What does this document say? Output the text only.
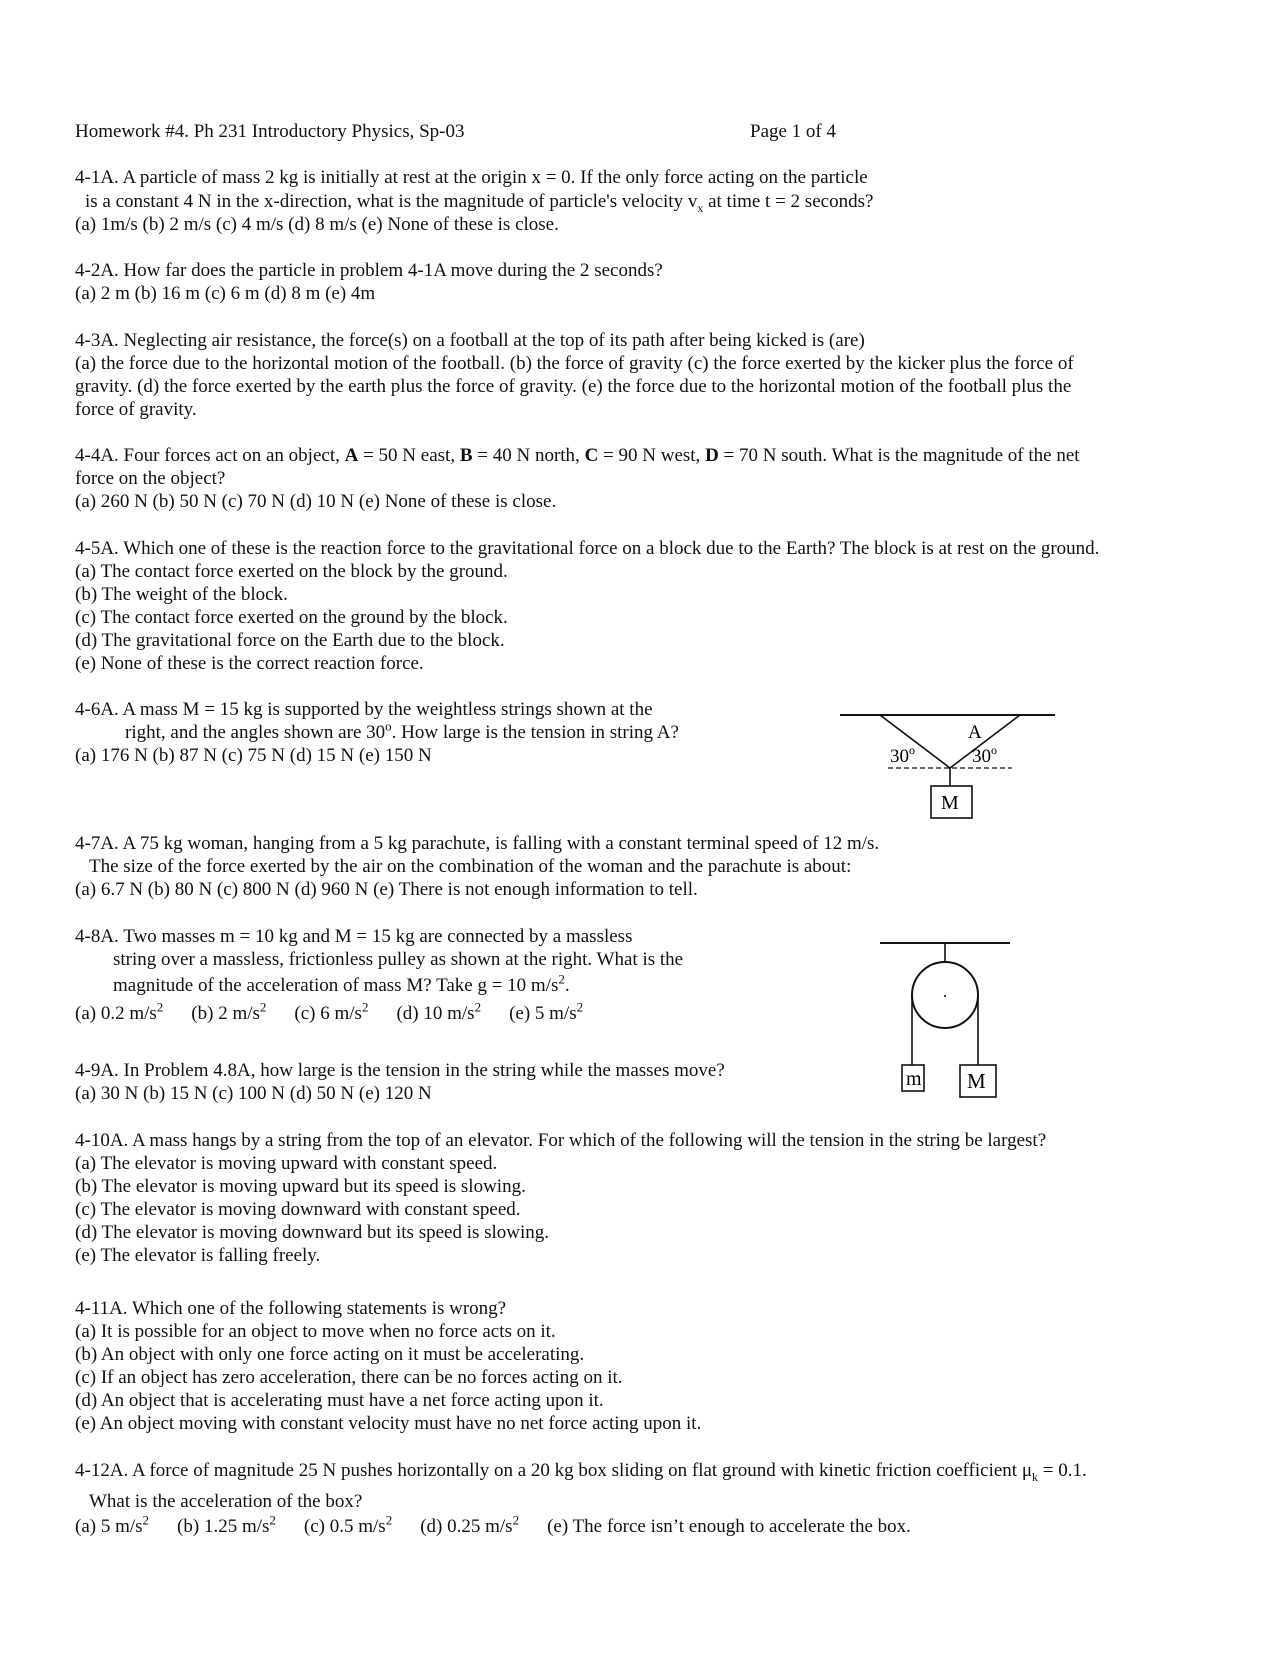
Homework #4. Ph 231 Introductory Physics, Sp-03	Page 1 of 4
4-1A. A particle of mass 2 kg is initially at rest at the origin x = 0. If the only force acting on the particle
is a constant 4 N in the x-direction, what is the magnitude of particle's velocity $v_x$ at time t = 2 seconds?
(a) 1m/s (b) 2 m/s (c) 4 m/s (d) 8 m/s (e) None of these is close.
4-2A. How far does the particle in problem 4-1A move during the 2 seconds?
(a) 2 m (b) 16 m (c) 6 m (d) 8 m (e) 4m
4-3A. Neglecting air resistance, the force(s) on a football at the top of its path after being kicked is (are)
(a) the force due to the horizontal motion of the football. (b) the force of gravity (c) the force exerted by the kicker plus the force of
gravity. (d) the force exerted by the earth plus the force of gravity. (e) the force due to the horizontal motion of the football plus the
force of gravity.
4-4A. Four forces act on an object, A = 50 N east, B = 40 N north, C = 90 N west, D = 70 N south. What is the magnitude of the net
force on the object?
(a) 260 N (b) 50 N (c) 70 N (d) 10 N (e) None of these is close.
4-5A. Which one of these is the reaction force to the gravitational force on a block due to the Earth? The block is at rest on the ground.
(a) The contact force exerted on the block by the ground.
(b) The weight of the block.
(c) The contact force exerted on the ground by the block.
(d) The gravitational force on the Earth due to the block.
(e) None of these is the correct reaction force.
4-6A. A mass M = 15 kg is supported by the weightless strings shown at the
right, and the angles shown are 30$^o$. How large is the tension in string A?
(a) 176 N (b) 87 N (c) 75 N (d) 15 N (e) 150 N	30$^o$	30$^o$
A
M
4-7A. A 75 kg woman, hanging from a 5 kg parachute, is falling with a constant terminal speed of 12 m/s.
The size of the force exerted by the air on the combination of the woman and the parachute is about:
(a) 6.7 N (b) 80 N (c) 800 N (d) 960 N (e) There is not enough information to tell.
4-8A. Two masses m = 10 kg and M = 15 kg are connected by a massless
string over a massless, frictionless pulley as shown at the right. What is the
magnitude of the acceleration of mass M? Take g = 10 $m/s^2$.
(a) 0.2 $m/s^2$ (b) 2 $m/s^2$ (c) 6 $m/s^2$ (d) 10 $m/s^2$ (e) 5 $m/s^2$
m M
4-9A. In Problem 4.8A, how large is the tension in the string while the masses move?
(a) 30 N (b) 15 N (c) 100 N (d) 50 N (e) 120 N
4-10A. A mass hangs by a string from the top of an elevator. For which of the following will the tension in the string be largest?
(a) The elevator is moving upward with constant speed.
(b) The elevator is moving upward but its speed is slowing.
(c) The elevator is moving downward with constant speed.
(d) The elevator is moving downward but its speed is slowing.
(e) The elevator is falling freely.
4-11A. Which one of the following statements is wrong?
(a) It is possible for an object to move when no force acts on it.
(b) An object with only one force acting on it must be accelerating.
(c) If an object has zero acceleration, there can be no forces acting on it.
(d) An object that is accelerating must have a net force acting upon it.
(e) An object moving with constant velocity must have no net force acting upon it.
4-12A. A force of magnitude 25 N pushes horizontally on a 20 kg box sliding on flat ground with kinetic friction coefficient $\mu_k = 0.1$.
What is the acceleration of the box?
(a) 5 $m/s^2$ (b) 1.25 $m/s^2$ (c) 0.5 $m/s^2$ (d) 0.25 $m/s^2$ (e) The force isn’t enough to accelerate the box.
